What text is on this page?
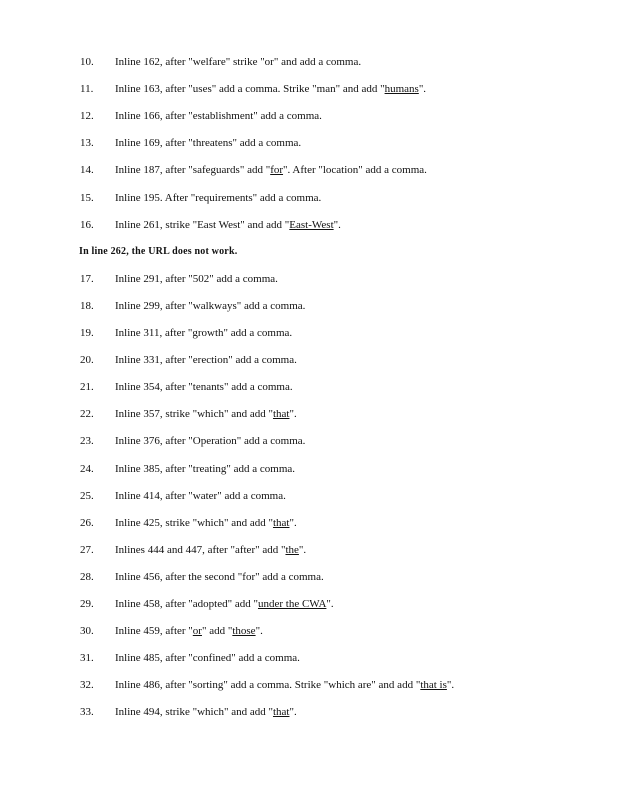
10. Inline 162, after "welfare" strike "or" and add a comma.
11. Inline 163, after "uses" add a comma. Strike "man" and add "humans".
12. Inline 166, after "establishment" add a comma.
13. Inline 169, after "threatens" add a comma.
14. Inline 187, after "safeguards" add "for". After "location" add a comma.
15. Inline 195. After "requirements" add a comma.
16. Inline 261, strike "East West" and add "East-West".
In line 262, the URL does not work.
17. Inline 291, after "502" add a comma.
18. Inline 299, after "walkways" add a comma.
19. Inline 311, after "growth" add a comma.
20. Inline 331, after "erection" add a comma.
21. Inline 354, after "tenants" add a comma.
22. Inline 357, strike "which" and add "that".
23. Inline 376, after "Operation" add a comma.
24. Inline 385, after "treating" add a comma.
25. Inline 414, after "water" add a comma.
26. Inline 425, strike "which" and add "that".
27. Inlines 444 and 447, after "after" add "the".
28. Inline 456, after the second "for" add a comma.
29. Inline 458, after "adopted" add "under the CWA".
30. Inline 459, after "or" add "those".
31. Inline 485, after "confined" add a comma.
32. Inline 486, after "sorting" add a comma. Strike "which are" and add "that is".
33. Inline 494, strike "which" and add "that".
